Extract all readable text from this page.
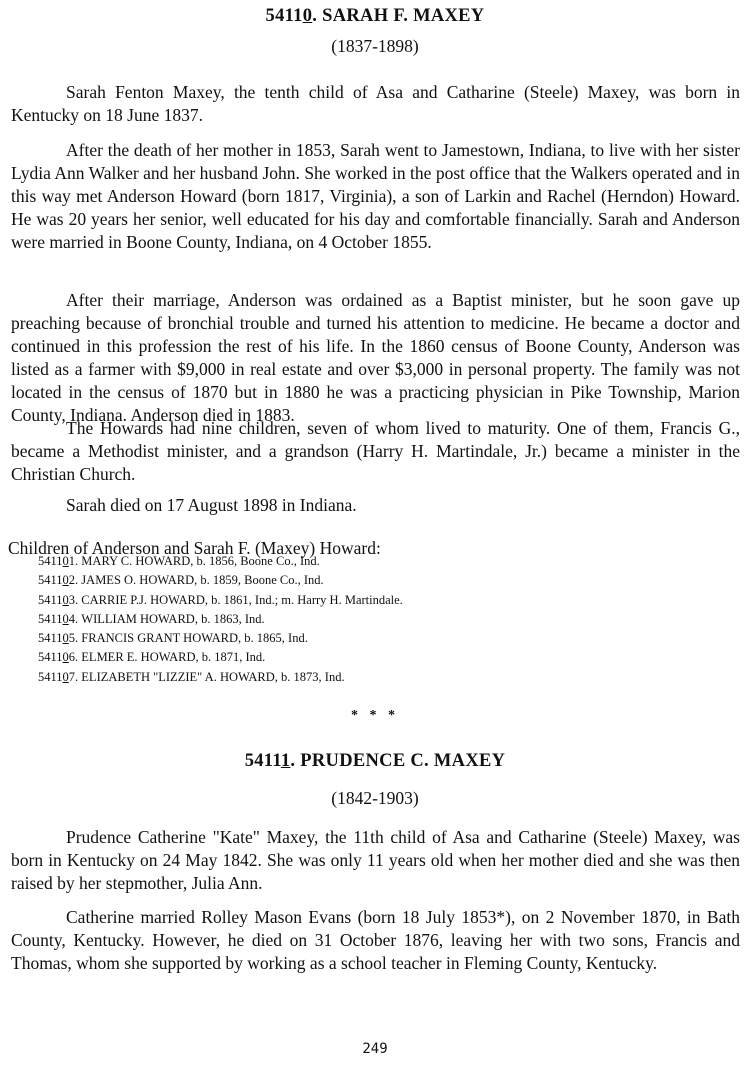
54110. SARAH F. MAXEY
(1837-1898)

Sarah Fenton Maxey, the tenth child of Asa and Catharine (Steele) Maxey, was born in Kentucky on 18 June 1837.

After the death of her mother in 1853, Sarah went to Jamestown, Indiana, to live with her sister Lydia Ann Walker and her husband John. She worked in the post office that the Walkers operated and in this way met Anderson Howard (born 1817, Virginia), a son of Larkin and Rachel (Herndon) Howard. He was 20 years her senior, well educated for his day and comfortable financially. Sarah and Anderson were married in Boone County, Indiana, on 4 October 1855.

After their marriage, Anderson was ordained as a Baptist minister, but he soon gave up preaching because of bronchial trouble and turned his attention to medicine. He became a doctor and continued in this profession the rest of his life. In the 1860 census of Boone County, Anderson was listed as a farmer with $9,000 in real estate and over $3,000 in personal property. The family was not located in the census of 1870 but in 1880 he was a practicing physician in Pike Township, Marion County, Indiana. Anderson died in 1883.

The Howards had nine children, seven of whom lived to maturity. One of them, Francis G., became a Methodist minister, and a grandson (Harry H. Martindale, Jr.) became a minister in the Christian Church.

Sarah died on 17 August 1898 in Indiana.

Children of Anderson and Sarah F. (Maxey) Howard:

541101. MARY C. HOWARD, b. 1856, Boone Co., Ind.
541102. JAMES O. HOWARD, b. 1859, Boone Co., Ind.
541103. CARRIE P.J. HOWARD, b. 1861, Ind.; m. Harry H. Martindale.
541104. WILLIAM HOWARD, b. 1863, Ind.
541105. FRANCIS GRANT HOWARD, b. 1865, Ind.
541106. ELMER E. HOWARD, b. 1871, Ind.
541107. ELIZABETH "LIZZIE" A. HOWARD, b. 1873, Ind.
* * *
54111. PRUDENCE C. MAXEY
(1842-1903)

Prudence Catherine "Kate" Maxey, the 11th child of Asa and Catharine (Steele) Maxey, was born in Kentucky on 24 May 1842. She was only 11 years old when her mother died and she was then raised by her stepmother, Julia Ann.

Catherine married Rolley Mason Evans (born 18 July 1853*), on 2 November 1870, in Bath County, Kentucky. However, he died on 31 October 1876, leaving her with two sons, Francis and Thomas, whom she supported by working as a school teacher in Fleming County, Kentucky.

249
